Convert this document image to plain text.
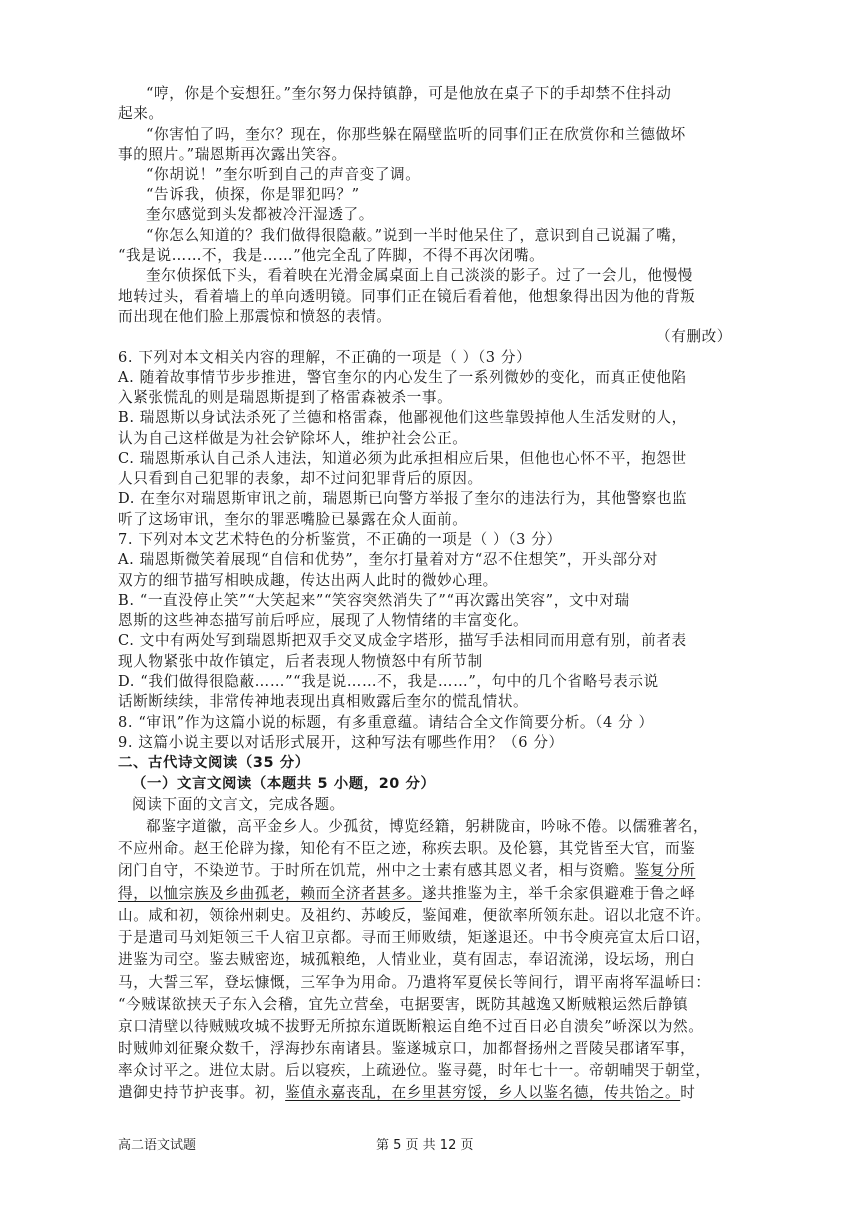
“哼，你是个妄想狂。”奎尔努力保持镇静，可是他放在桌子下的手却禁不住抖动
起来。
“你害怕了吗，奎尔？现在，你那些躲在隔壁监听的同事们正在欣赏你和兰德做坏
事的照片。”瑞恩斯再次露出笑容。
“你胡说！”奎尔听到自己的声音变了调。
“告诉我，侦探，你是罪犯吗？”
奎尔感觉到头发都被冷汗湿透了。
“你怎么知道的？我们做得很隐蔽。”说到一半时他呆住了，意识到自己说漏了嘴，
“我是说……不，我是……”他完全乱了阵脚，不得不再次闭嘴。
奎尔侦探低下头，看着映在光滑金属桌面上自己淡淡的影子。过了一会儿，他慢慢
地转过头，看着墙上的单向透明镜。同事们正在镜后看着他，他想象得出因为他的背叛
而出现在他们脸上那震惊和愤怒的表情。
（有删改）
6. 下列对本文相关内容的理解，不正确的一项是（ ）（3 分）
A. 随着故事情节步步推进，警官奎尔的内心发生了一系列微妙的变化，而真正使他陷
入紧张慌乱的则是瑞恩斯提到了格雷森被杀一事。
B. 瑞恩斯以身试法杀死了兰德和格雷森，他鄙视他们这些靠毁掉他人生活发财的人，
认为自己这样做是为社会铲除坏人，维护社会公正。
C. 瑞恩斯承认自己杀人违法，知道必须为此承担相应后果，但他也心怀不平，抱怨世
人只看到自己犯罪的表象，却不过问犯罪背后的原因。
D. 在奎尔对瑞恩斯审讯之前，瑞恩斯已向警方举报了奎尔的违法行为，其他警察也监
听了这场审讯，奎尔的罪恶嘴脸已暴露在众人面前。
7. 下列对本文艺术特色的分析鉴赏，不正确的一项是（ ）（3 分）
A. 瑞恩斯微笑着展现“自信和优势”，奎尔打量着对方“忍不住想笑”，开头部分对
双方的细节描写相映成趣，传达出两人此时的微妙心理。
B. “一直没停止笑”“大笑起来”“笑容突然消失了”“再次露出笑容”，文中对瑞
恩斯的这些神态描写前后呼应，展现了人物情绪的丰富变化。
C. 文中有两处写到瑞恩斯把双手交叉成金字塔形，描写手法相同而用意有别，前者表
现人物紧张中故作镇定，后者表现人物愤怒中有所节制
D. “我们做得很隐蔽……”“我是说……不，我是……”，句中的几个省略号表示说
话断断续续，非常传神地表现出真相败露后奎尔的慌乱情状。
8. “审讯”作为这篇小说的标题，有多重意蕴。请结合全文作简要分析。（4 分 ）
9. 这篇小说主要以对话形式展开，这种写法有哪些作用？（6 分）
二、古代诗文阅读（35 分）
（一）文言文阅读（本题共 5 小题，20 分）
阅读下面的文言文，完成各题。
郗鉴字道徽，高平金乡人。少孤贫，博览经籍，躬耕陇亩，吟咏不倦。以儒雅著名，
不应州命。赵王伦辟为掾，知伦有不臣之迹，称疾去职。及伦篡，其党皆至大官，而鉴
闭门自守，不染逆节。于时所在饥荒，州中之士素有感其恩义者，相与资赡。鉴复分所
得，以恤宗族及乡曲孤老，赖而全济者甚多。遂共推鉴为主，举千余家俱避难于鲁之峄
山。咸和初，领徐州刺史。及祖约、苏峻反，鉴闻难，便欲率所领东赴。诏以北寇不许。
于是遣司马刘矩领三千人宿卫京都。寻而王师败绩，矩遂退还。中书令庾亮宣太后口诏，
进鉴为司空。鉴去贼密迩，城孤粮绝，人情业业，莫有固志，奉诏流涕，设坛场，刑白
马，大誓三军，登坛慷慨，三军争为用命。乃遣将军夏侯长等间行，谓平南将军温峤曰：
“今贼谋欲挟天子东入会稽，宜先立营垒，屯据要害，既防其越逸又断贼粮运然后静镇
京口清壁以待贼贼攻城不拔野无所掠东道既断粮运自绝不过百日必自溃矣”峤深以为然。
时贼帅刘征聚众数千，浮海抄东南诸县。鉴遂城京口，加都督扬州之晋陵吴郡诸军事，
率众讨平之。进位太尉。后以寝疾，上疏逊位。鉴寻薨，时年七十一。帝朝晡哭于朝堂，
遣御史持节护丧事。初，鉴值永嘉丧乱，在乡里甚穷馁，乡人以鉴名德，传共饴之。时
高二语文试题	第 5 页 共 12 页
